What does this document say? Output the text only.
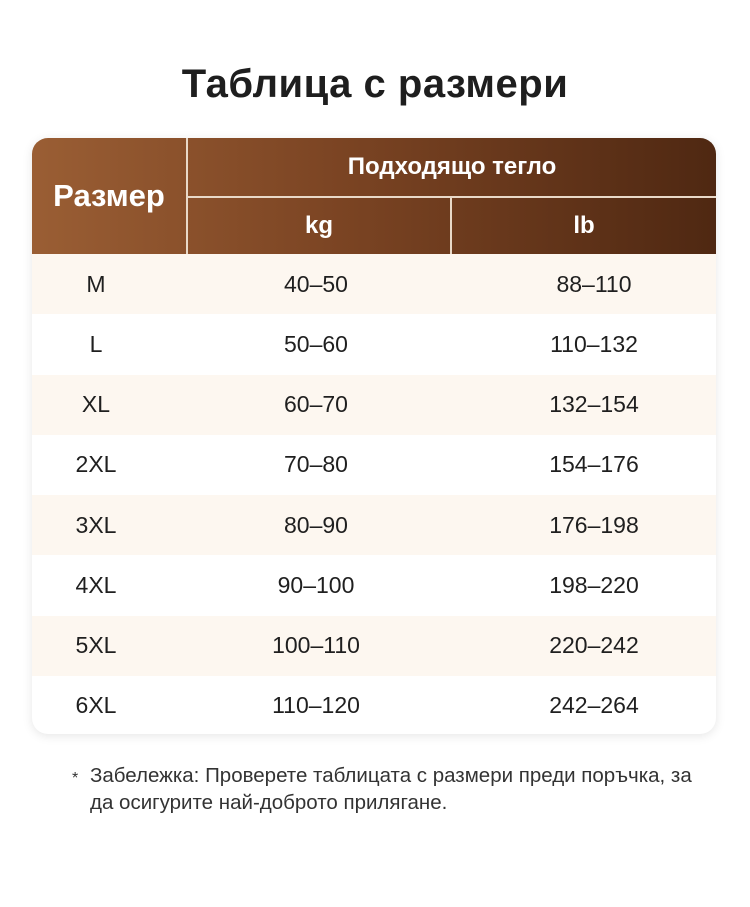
Таблица с размери
Размер
Подходящо тегло
kg	lb
M	40–50	88–110
L	50–60	110–132
XL	60–70	132–154
2XL	70–80	154–176
3XL	80–90	176–198
4XL	90–100	198–220
5XL	100–110	220–242
6XL	110–120	242–264
* Забележка: Проверете таблицата с размери преди поръчка, за да осигурите най-доброто прилягане.
